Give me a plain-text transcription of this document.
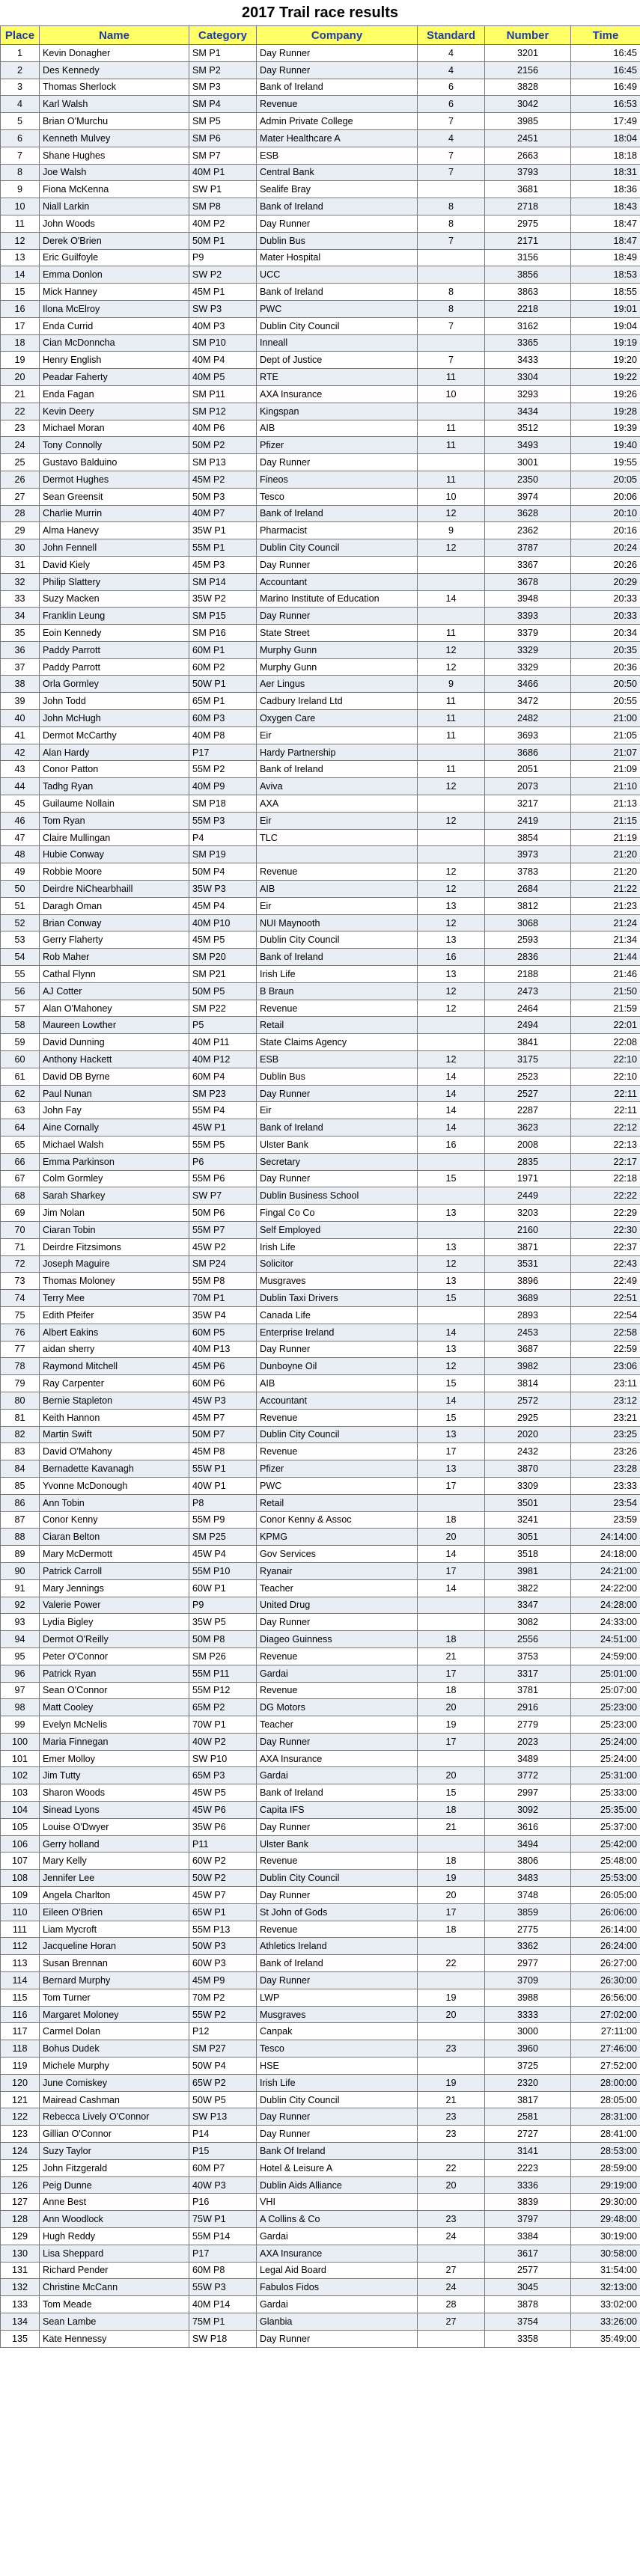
2017 Trail race results
Place	Name	Category	Company	Standard	Number	Time
1	Kevin Donagher	SM P1	Day Runner	4	3201	16:45
2	Des Kennedy	SM P2	Day Runner	4	2156	16:45
3	Thomas Sherlock	SM P3	Bank of Ireland	6	3828	16:49
4	Karl Walsh	SM P4	Revenue	6	3042	16:53
5	Brian O'Murchu	SM P5	Admin Private College	7	3985	17:49
6	Kenneth Mulvey	SM P6	Mater Healthcare A	4	2451	18:04
7	Shane Hughes	SM P7	ESB	7	2663	18:18
8	Joe Walsh	40M P1	Central Bank	7	3793	18:31
9	Fiona McKenna	SW P1	Sealife Bray		3681	18:36
10	Niall Larkin	SM P8	Bank of Ireland	8	2718	18:43
11	John Woods	40M P2	Day Runner	8	2975	18:47
12	Derek O'Brien	50M P1	Dublin Bus	7	2171	18:47
13	Eric Guilfoyle	P9	Mater Hospital		3156	18:49
14	Emma Donlon	SW P2	UCC		3856	18:53
15	Mick Hanney	45M P1	Bank of Ireland	8	3863	18:55
16	Ilona McElroy	SW P3	PWC	8	2218	19:01
17	Enda Currid	40M P3	Dublin City Council	7	3162	19:04
18	Cian McDonncha	SM P10	Inneall		3365	19:19
19	Henry English	40M P4	Dept of Justice	7	3433	19:20
20	Peadar Faherty	40M P5	RTE	11	3304	19:22
21	Enda Fagan	SM P11	AXA Insurance	10	3293	19:26
22	Kevin Deery	SM P12	Kingspan		3434	19:28
23	Michael Moran	40M P6	AIB	11	3512	19:39
24	Tony Connolly	50M P2	Pfizer	11	3493	19:40
25	Gustavo Balduino	SM P13	Day Runner		3001	19:55
26	Dermot Hughes	45M P2	Fineos	11	2350	20:05
27	Sean Greensit	50M P3	Tesco	10	3974	20:06
28	Charlie Murrin	40M P7	Bank of Ireland	12	3628	20:10
29	Alma Hanevy	35W P1	Pharmacist	9	2362	20:16
30	John Fennell	55M P1	Dublin City Council	12	3787	20:24
31	David Kiely	45M P3	Day Runner		3367	20:26
32	Philip Slattery	SM P14	Accountant		3678	20:29
33	Suzy Macken	35W P2	Marino Institute of Education	14	3948	20:33
34	Franklin Leung	SM P15	Day Runner		3393	20:33
35	Eoin Kennedy	SM P16	State Street	11	3379	20:34
36	Paddy Parrott	60M P1	Murphy Gunn	12	3329	20:35
37	Paddy Parrott	60M P2	Murphy Gunn	12	3329	20:36
38	Orla Gormley	50W P1	Aer Lingus	9	3466	20:50
39	John Todd	65M P1	Cadbury Ireland Ltd	11	3472	20:55
40	John McHugh	60M P3	Oxygen Care	11	2482	21:00
41	Dermot McCarthy	40M P8	Eir	11	3693	21:05
42	Alan Hardy	P17	Hardy Partnership		3686	21:07
43	Conor Patton	55M P2	Bank of Ireland	11	2051	21:09
44	Tadhg Ryan	40M P9	Aviva	12	2073	21:10
45	Guilaume Nollain	SM P18	AXA		3217	21:13
46	Tom Ryan	55M P3	Eir	12	2419	21:15
47	Claire Mullingan	P4	TLC		3854	21:19
48	Hubie Conway	SM P19			3973	21:20
49	Robbie Moore	50M P4	Revenue	12	3783	21:20
50	Deirdre NiChearbhaill	35W P3	AIB	12	2684	21:22
51	Daragh Oman	45M P4	Eir	13	3812	21:23
52	Brian Conway	40M P10	NUI Maynooth	12	3068	21:24
53	Gerry Flaherty	45M P5	Dublin City Council	13	2593	21:34
54	Rob Maher	SM P20	Bank of Ireland	16	2836	21:44
55	Cathal Flynn	SM P21	Irish Life	13	2188	21:46
56	AJ Cotter	50M P5	B Braun	12	2473	21:50
57	Alan O'Mahoney	SM P22	Revenue	12	2464	21:59
58	Maureen Lowther	P5	Retail		2494	22:01
59	David Dunning	40M P11	State Claims Agency		3841	22:08
60	Anthony Hackett	40M P12	ESB	12	3175	22:10
61	David DB Byrne	60M P4	Dublin Bus	14	2523	22:10
62	Paul Nunan	SM P23	Day Runner	14	2527	22:11
63	John Fay	55M P4	Eir	14	2287	22:11
64	Aine Cornally	45W P1	Bank of Ireland	14	3623	22:12
65	Michael Walsh	55M P5	Ulster Bank	16	2008	22:13
66	Emma Parkinson	P6	Secretary		2835	22:17
67	Colm Gormley	55M P6	Day Runner	15	1971	22:18
68	Sarah Sharkey	SW P7	Dublin Business School		2449	22:22
69	Jim Nolan	50M P6	Fingal Co Co	13	3203	22:29
70	Ciaran Tobin	55M P7	Self Employed		2160	22:30
71	Deirdre Fitzsimons	45W P2	Irish Life	13	3871	22:37
72	Joseph Maguire	SM P24	Solicitor	12	3531	22:43
73	Thomas Moloney	55M P8	Musgraves	13	3896	22:49
74	Terry Mee	70M P1	Dublin Taxi Drivers	15	3689	22:51
75	Edith Pfeifer	35W P4	Canada Life		2893	22:54
76	Albert Eakins	60M P5	Enterprise Ireland	14	2453	22:58
77	aidan sherry	40M P13	Day Runner	13	3687	22:59
78	Raymond Mitchell	45M P6	Dunboyne Oil	12	3982	23:06
79	Ray Carpenter	60M P6	AIB	15	3814	23:11
80	Bernie Stapleton	45W P3	Accountant	14	2572	23:12
81	Keith Hannon	45M P7	Revenue	15	2925	23:21
82	Martin Swift	50M P7	Dublin City Council	13	2020	23:25
83	David O'Mahony	45M P8	Revenue	17	2432	23:26
84	Bernadette Kavanagh	55W P1	Pfizer	13	3870	23:28
85	Yvonne McDonough	40W P1	PWC	17	3309	23:33
86	Ann Tobin	P8	Retail		3501	23:54
87	Conor Kenny	55M P9	Conor Kenny & Assoc	18	3241	23:59
88	Ciaran Belton	SM P25	KPMG	20	3051	24:14:00
89	Mary McDermott	45W P4	Gov Services	14	3518	24:18:00
90	Patrick Carroll	55M P10	Ryanair	17	3981	24:21:00
91	Mary Jennings	60W P1	Teacher	14	3822	24:22:00
92	Valerie Power	P9	United Drug		3347	24:28:00
93	Lydia Bigley	35W P5	Day Runner		3082	24:33:00
94	Dermot O'Reilly	50M P8	Diageo Guinness	18	2556	24:51:00
95	Peter O'Connor	SM P26	Revenue	21	3753	24:59:00
96	Patrick Ryan	55M P11	Gardai	17	3317	25:01:00
97	Sean O'Connor	55M P12	Revenue	18	3781	25:07:00
98	Matt Cooley	65M P2	DG Motors	20	2916	25:23:00
99	Evelyn McNelis	70W P1	Teacher	19	2779	25:23:00
100	Maria Finnegan	40W P2	Day Runner	17	2023	25:24:00
101	Emer Molloy	SW P10	AXA Insurance		3489	25:24:00
102	Jim Tutty	65M P3	Gardai	20	3772	25:31:00
103	Sharon Woods	45W P5	Bank of Ireland	15	2997	25:33:00
104	Sinead Lyons	45W P6	Capita IFS	18	3092	25:35:00
105	Louise O'Dwyer	35W P6	Day Runner	21	3616	25:37:00
106	Gerry holland	P11	Ulster Bank		3494	25:42:00
107	Mary Kelly	60W P2	Revenue	18	3806	25:48:00
108	Jennifer Lee	50W P2	Dublin City Council	19	3483	25:53:00
109	Angela Charlton	45W P7	Day Runner	20	3748	26:05:00
110	Eileen O'Brien	65W P1	St John of Gods	17	3859	26:06:00
111	Liam Mycroft	55M P13	Revenue	18	2775	26:14:00
112	Jacqueline Horan	50W P3	Athletics Ireland		3362	26:24:00
113	Susan Brennan	60W P3	Bank of Ireland	22	2977	26:27:00
114	Bernard Murphy	45M P9	Day Runner		3709	26:30:00
115	Tom Turner	70M P2	LWP	19	3988	26:56:00
116	Margaret Moloney	55W P2	Musgraves	20	3333	27:02:00
117	Carmel Dolan	P12	Canpak		3000	27:11:00
118	Bohus Dudek	SM P27	Tesco	23	3960	27:46:00
119	Michele Murphy	50W P4	HSE		3725	27:52:00
120	June Comiskey	65W P2	Irish Life	19	2320	28:00:00
121	Mairead Cashman	50W P5	Dublin City Council	21	3817	28:05:00
122	Rebecca Lively O'Connor	SW P13	Day Runner	23	2581	28:31:00
123	Gillian O'Connor	P14	Day Runner	23	2727	28:41:00
124	Suzy Taylor	P15	Bank Of Ireland		3141	28:53:00
125	John Fitzgerald	60M P7	Hotel & Leisure A	22	2223	28:59:00
126	Peig Dunne	40W P3	Dublin Aids Alliance	20	3336	29:19:00
127	Anne Best	P16	VHI		3839	29:30:00
128	Ann Woodlock	75W P1	A Collins & Co	23	3797	29:48:00
129	Hugh Reddy	55M P14	Gardai	24	3384	30:19:00
130	Lisa Sheppard	P17	AXA Insurance		3617	30:58:00
131	Richard Pender	60M P8	Legal Aid Board	27	2577	31:54:00
132	Christine McCann	55W P3	Fabulos Fidos	24	3045	32:13:00
133	Tom Meade	40M P14	Gardai	28	3878	33:02:00
134	Sean Lambe	75M P1	Glanbia	27	3754	33:26:00
135	Kate Hennessy	SW P18	Day Runner		3358	35:49:00
